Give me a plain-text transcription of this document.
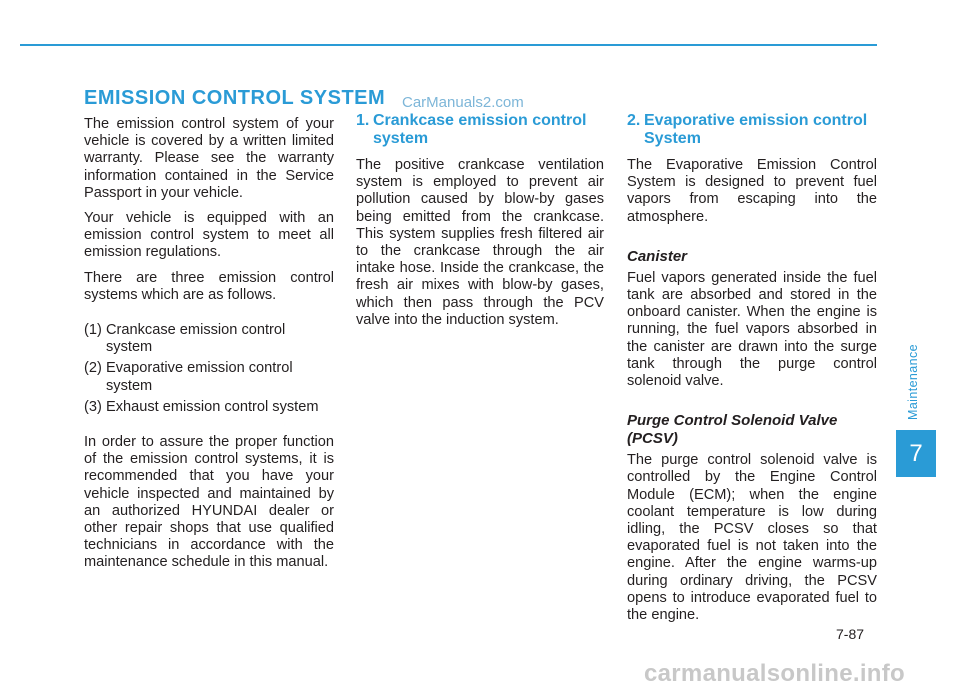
EMISSION CONTROL SYSTEM CarManuals2.com

The emission control system of your vehicle is covered by a written limited warranty. Please see the warranty information contained in the Service Passport in your vehicle.

Your vehicle is equipped with an emission control system to meet all emission regulations.

There are three emission control systems which are as follows.

(1) Crankcase emission control system
(2) Evaporative emission control system
(3) Exhaust emission control system

In order to assure the proper function of the emission control systems, it is recommended that you have your vehicle inspected and maintained by an authorized HYUNDAI dealer or other repair shops that use qualified technicians in accordance with the maintenance schedule in this manual.

1. Crankcase emission control system

The positive crankcase ventilation system is employed to prevent air pollution caused by blow-by gases being emitted from the crankcase. This system supplies fresh filtered air to the crankcase through the air intake hose. Inside the crankcase, the fresh air mixes with blow-by gases, which then pass through the PCV valve into the induction system.

2. Evaporative emission control System

The Evaporative Emission Control System is designed to prevent fuel vapors from escaping into the atmosphere.

Canister

Fuel vapors generated inside the fuel tank are absorbed and stored in the onboard canister. When the engine is running, the fuel vapors absorbed in the canister are drawn into the surge tank through the purge control solenoid valve.

Purge Control Solenoid Valve (PCSV)

The purge control solenoid valve is controlled by the Engine Control Module (ECM); when the engine coolant temperature is low during idling, the PCSV closes so that evaporated fuel is not taken into the engine. After the engine warms-up during ordinary driving, the PCSV opens to introduce evaporated fuel to the engine.

Maintenance
7
7-87
carmanualsonline.info
